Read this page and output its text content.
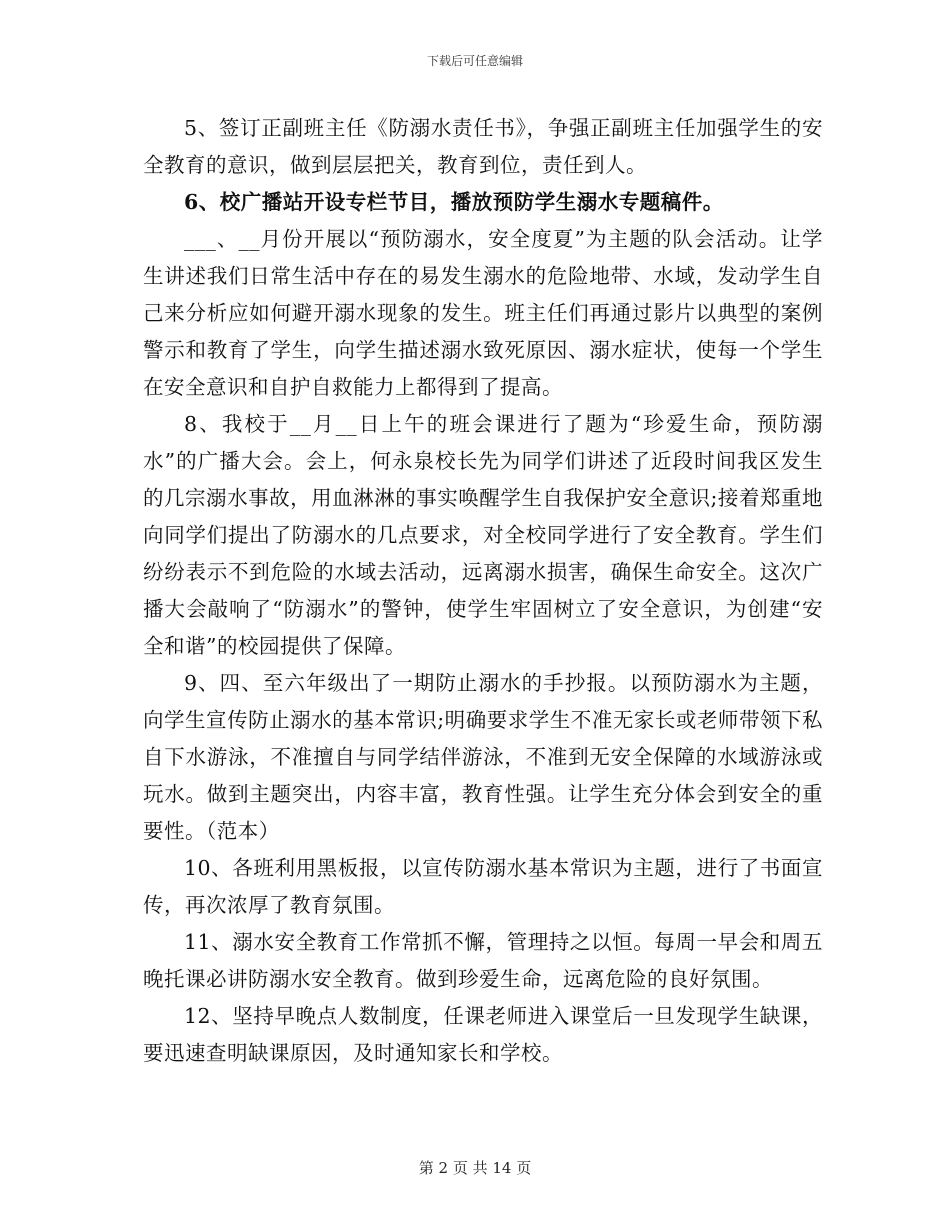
下载后可任意编辑

5、签订正副班主任《防溺水责任书》，争强正副班主任加强学生的安全教育的意识，做到层层把关，教育到位，责任到人。

6、校广播站开设专栏节目，播放预防学生溺水专题稿件。

___、__月份开展以“预防溺水，安全度夏”为主题的队会活动。让学生讲述我们日常生活中存在的易发生溺水的危险地带、水域，发动学生自己来分析应如何避开溺水现象的发生。班主任们再通过影片以典型的案例警示和教育了学生，向学生描述溺水致死原因、溺水症状，使每一个学生在安全意识和自护自救能力上都得到了提高。

8、我校于__月__日上午的班会课进行了题为“珍爱生命，预防溺水”的广播大会。会上，何永泉校长先为同学们讲述了近段时间我区发生的几宗溺水事故，用血淋淋的事实唤醒学生自我保护安全意识;接着郑重地向同学们提出了防溺水的几点要求，对全校同学进行了安全教育。学生们纷纷表示不到危险的水域去活动，远离溺水损害，确保生命安全。这次广播大会敲响了“防溺水”的警钟，使学生牢固树立了安全意识，为创建“安全和谐”的校园提供了保障。

9、四、至六年级出了一期防止溺水的手抄报。以预防溺水为主题，向学生宣传防止溺水的基本常识;明确要求学生不准无家长或老师带领下私自下水游泳，不准擅自与同学结伴游泳，不准到无安全保障的水域游泳或玩水。做到主题突出，内容丰富，教育性强。让学生充分体会到安全的重要性。（范本）

10、各班利用黑板报，以宣传防溺水基本常识为主题，进行了书面宣传，再次浓厚了教育氛围。

11、溺水安全教育工作常抓不懈，管理持之以恒。每周一早会和周五晚托课必讲防溺水安全教育。做到珍爱生命，远离危险的良好氛围。

12、坚持早晚点人数制度，任课老师进入课堂后一旦发现学生缺课，要迅速查明缺课原因，及时通知家长和学校。

第 2 页 共 14 页
